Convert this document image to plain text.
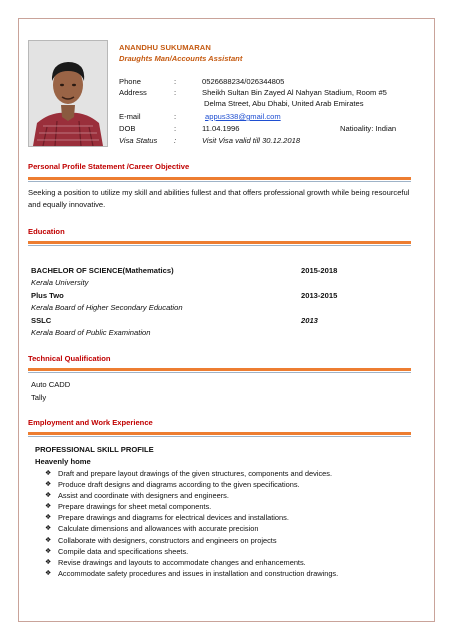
ANANDHU SUKUMARAN
Draughts Man/Accounts Assistant
Phone	:	0526688234/026344805
Address	:	Sheikh Sultan Bin Zayed Al Nahyan Stadium, Room #5
Delma Street, Abu Dhabi, United Arab Emirates
E-mail	:	appus338@gmail.com
DOB	:	11.04.1996	Natioality: Indian
Visa Status :	Visit Visa valid till 30.12.2018
Personal Profile Statement /Career Objective
Seeking a position to utilize my skill and abilities fullest and that offers professional growth while being resourceful and equally innovative.
Education
BACHELOR OF SCIENCE(Mathematics)	2015-2018
Kerala University
Plus Two	2013-2015
Kerala Board of Higher Secondary Education
SSLC	2013
Kerala Board of Public Examination
Technical Qualification
Auto CADD
Tally
Employment and Work Experience
PROFESSIONAL SKILL PROFILE
Heavenly home
❖ Draft and prepare layout drawings of the given structures, components and devices.
❖ Produce draft designs and diagrams according to the given specifications.
❖ Assist and coordinate with designers and engineers.
❖ Prepare drawings for sheet metal components.
❖ Prepare drawings and diagrams for electrical devices and installations.
❖ Calculate dimensions and allowances with accurate precision
❖ Collaborate with designers, constructors and engineers on projects
❖ Compile data and specifications sheets.
❖ Revise drawings and layouts to accommodate changes and enhancements.
❖ Accommodate safety procedures and issues in installation and construction drawings.
